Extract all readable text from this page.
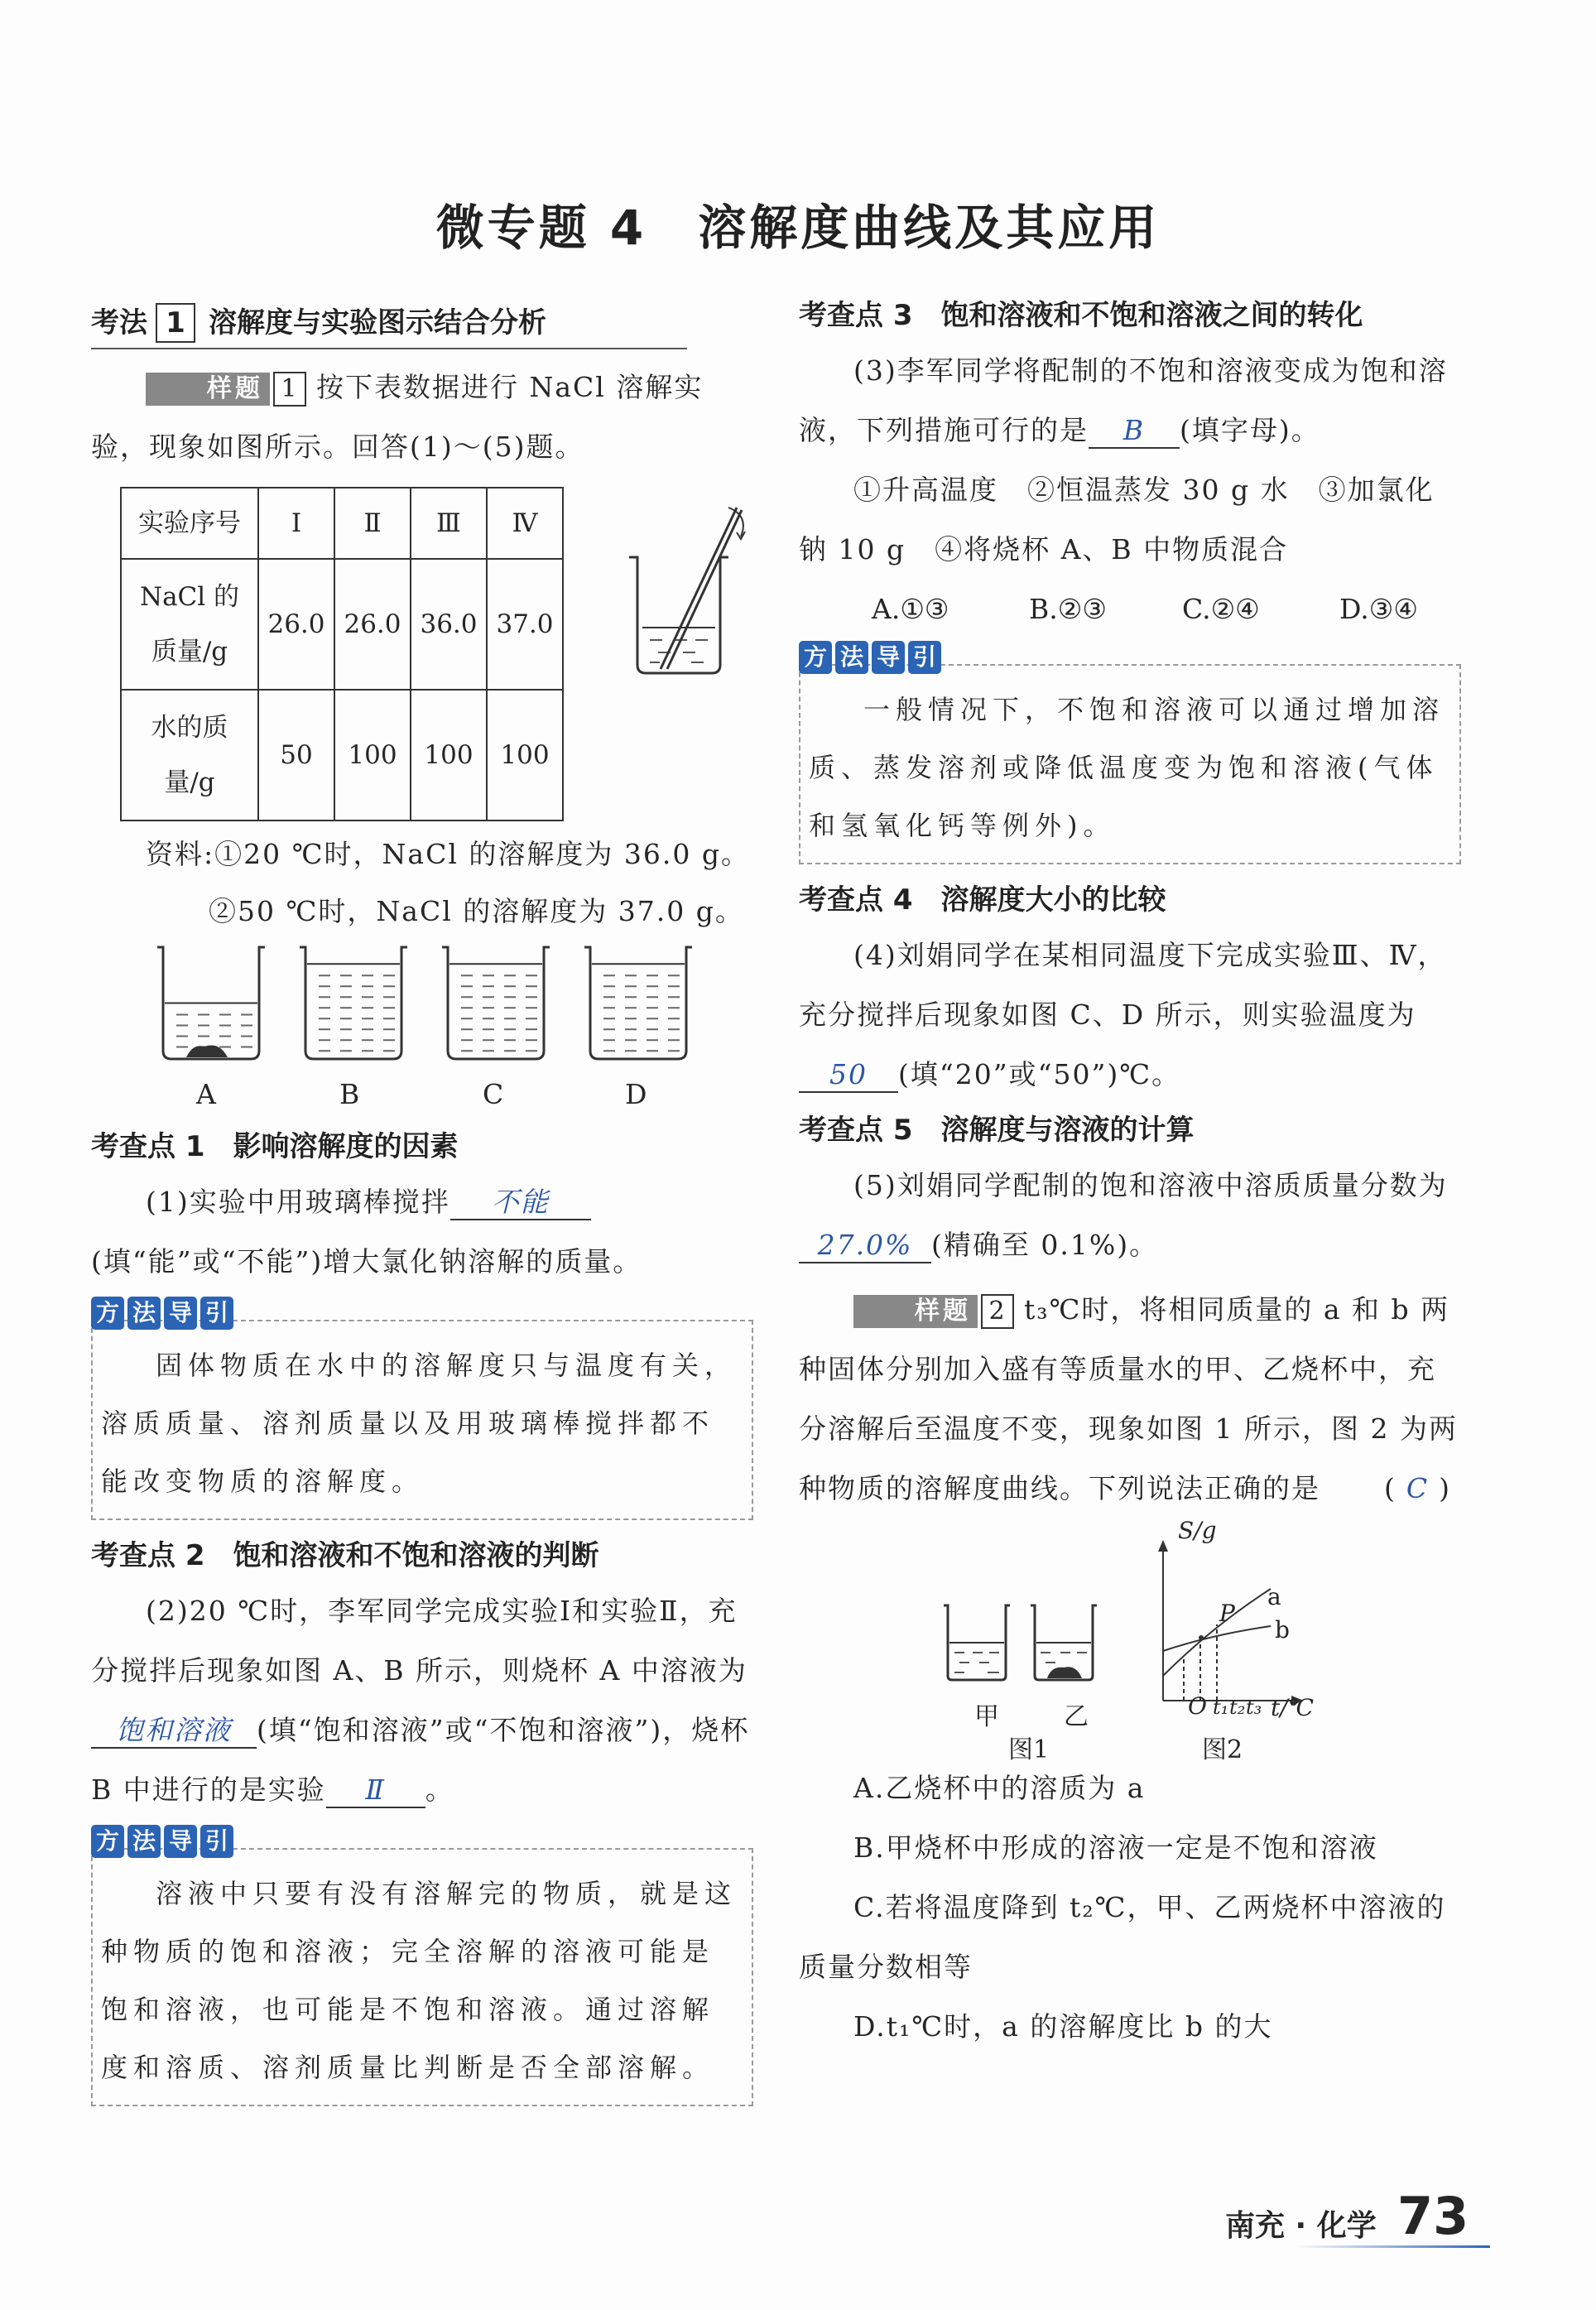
微专题 4　溶解度曲线及其应用
考法 1 溶解度与实验图示结合分析

样题 1 按下表数据进行 NaCl 溶解实验，现象如图所示。回答(1)～(5)题。

实验序号	Ⅰ	Ⅱ	Ⅲ	Ⅳ
NaCl 的质量/g	26.0	26.0	36.0	37.0
水的质量/g	50	100	100	100

资料:①20 ℃时，NaCl 的溶解度为 36.0 g。

②50 ℃时，NaCl 的溶解度为 37.0 g。

A	B	C	D
考查点 1 影响溶解度的因素

(1)实验中用玻璃棒搅拌 不能(填“能”或“不能”)增大氯化钠溶解的质量。

方 法 导 引

固体物质在水中的溶解度只与温度有关，溶质质量、溶剂质量以及用玻璃棒搅拌都不能改变物质的溶解度。

考查点 2 饱和溶液和不饱和溶液的判断

(2)20 ℃时，李军同学完成实验Ⅰ和实验Ⅱ，充分搅拌后现象如图 A、B 所示，则烧杯 A 中溶液为饱和溶液 (填“饱和溶液”或“不饱和溶液”)，烧杯 B 中进行的是实验 Ⅱ 。

方 法 导 引

溶液中只要有没有溶解完的物质，就是这种物质的饱和溶液；完全溶解的溶液可能是饱和溶液，也可能是不饱和溶液。通过溶解度和溶质、溶剂质量比判断是否全部溶解。

考查点 3 饱和溶液和不饱和溶液之间的转化

(3)李军同学将配制的不饱和溶液变成为饱和溶液，下列措施可行的是 B (填字母)。

①升高温度　②恒温蒸发 30 g 水　③加氯化钠 10 g　④将烧杯 A、B 中物质混合

A.①③	B.②③	C.②④	D.③④
方 法 导 引

一般情况下，不饱和溶液可以通过增加溶质、蒸发溶剂或降低温度变为饱和溶液(气体和氢氧化钙等例外)。

考查点 4 溶解度大小的比较

(4)刘娟同学在某相同温度下完成实验Ⅲ、Ⅳ，充分搅拌后现象如图 C、D 所示，则实验温度为50 (填“20”或“50”)℃。

考查点 5 溶解度与溶液的计算

(5)刘娟同学配制的饱和溶液中溶质质量分数为27.0% (精确至 0.1%)。

样题 2 t₃℃时，将相同质量的 a 和 b 两种固体分别加入盛有等质量水的甲、乙烧杯中，充分溶解后至温度不变，现象如图 1 所示，图 2 为两种物质的溶解度曲线。下列说法正确的是	(C)

甲	乙
图1
S/g
O
P
a
b
t₁ t₂ t₃ t/℃
图2

A.乙烧杯中的溶质为 a

B.甲烧杯中形成的溶液一定是不饱和溶液

C.若将温度降到 t₂℃，甲、乙两烧杯中溶液的质量分数相等

D.t₁℃时，a 的溶解度比 b 的大

南充 · 化学 73
